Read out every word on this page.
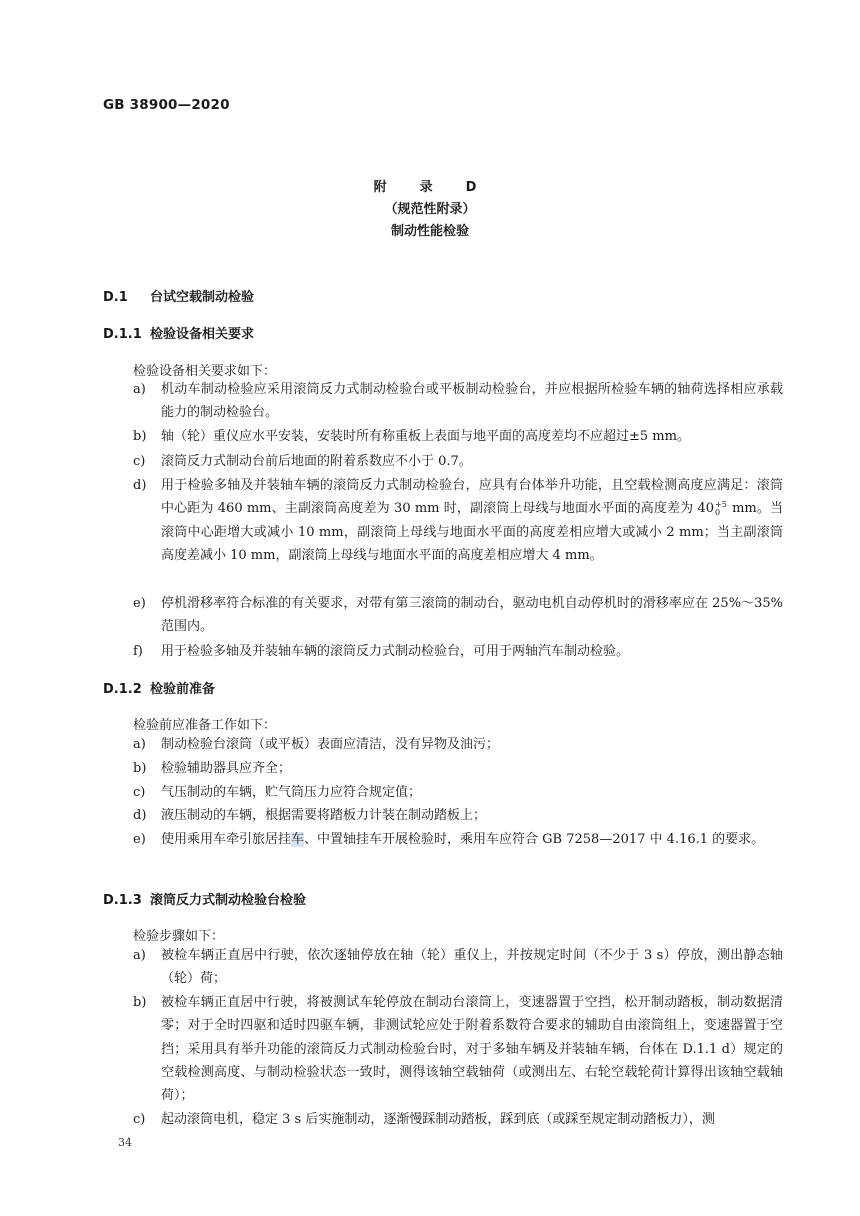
GB 38900—2020
附　录　D
（规范性附录）
制动性能检验
D.1 台试空载制动检验
D.1.1 检验设备相关要求
检验设备相关要求如下：
a)	机动车制动检验应采用滚筒反力式制动检验台或平板制动检验台，并应根据所检验车辆的轴荷选择相应承载能力的制动检验台。
b)	轴（轮）重仪应水平安装，安装时所有称重板上表面与地平面的高度差均不应超过±5 mm。
c)	滚筒反力式制动台前后地面的附着系数应不小于 0.7。
d)	用于检验多轴及并装轴车辆的滚筒反力式制动检验台，应具有台体举升功能，且空载检测高度应满足：滚筒中心距为 460 mm、主副滚筒高度差为 30 mm 时，副滚筒上母线与地面水平面的高度差为 40 +5
0 mm。当滚筒中心距增大或减小 10 mm，副滚筒上母线与地面水平面的高度差相应增大或减小 2 mm；当主副滚筒高度差减小 10 mm，副滚筒上母线与地面水平面的高度差相应增大 4 mm。
e)	停机滑移率符合标准的有关要求，对带有第三滚筒的制动台，驱动电机自动停机时的滑移率应在 25%～35%范围内。
f)	用于检验多轴及并装轴车辆的滚筒反力式制动检验台，可用于两轴汽车制动检验。
D.1.2 检验前准备
检验前应准备工作如下：
a)	制动检验台滚筒（或平板）表面应清洁，没有异物及油污；
b)	检验辅助器具应齐全；
c)	气压制动的车辆，贮气筒压力应符合规定值；
d)	液压制动的车辆，根据需要将踏板力计装在制动踏板上；
e)	使用乘用车牵引旅居挂车、中置轴挂车开展检验时，乘用车应符合 GB 7258—2017 中 4.16.1 的要求。
D.1.3 滚筒反力式制动检验台检验
检验步骤如下：
a)	被检车辆正直居中行驶，依次逐轴停放在轴（轮）重仪上，并按规定时间（不少于 3 s）停放，测出静态轴（轮）荷；
b)	被检车辆正直居中行驶，将被测试车轮停放在制动台滚筒上，变速器置于空挡，松开制动踏板，制动数据清零；对于全时四驱和适时四驱车辆，非测试轮应处于附着系数符合要求的辅助自由滚筒组上，变速器置于空挡；采用具有举升功能的滚筒反力式制动检验台时，对于多轴车辆及并装轴车辆，台体在 D.1.1 d）规定的空载检测高度、与制动检验状态一致时，测得该轴空载轴荷（或测出左、右轮空载轮荷计算得出该轴空载轴荷）；
c)	起动滚筒电机，稳定 3 s 后实施制动，逐渐慢踩制动踏板，踩到底（或踩至规定制动踏板力），测
34
